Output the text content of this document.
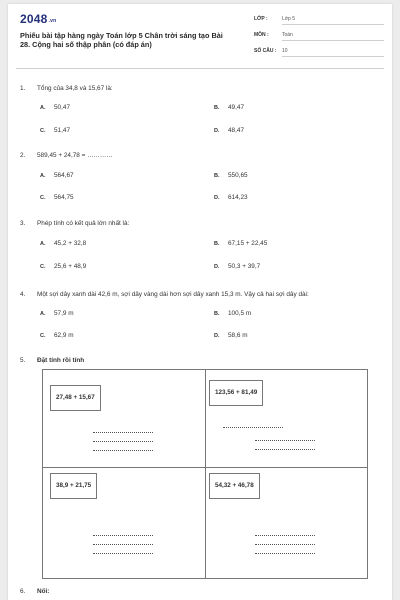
$2048_{.vn}$
Phiếu bài tập hàng ngày Toán lớp 5 Chân trời sáng tạo Bài 28. Cộng hai số thập phân (có đáp án)
LỚP :	Lớp 5
MÔN :	Toán
SỐ CÂU : 10
1. Tổng của 34,8 và 15,67 là:
A. 50,47	B. 49,47
C. 51,47	D. 48,47
2. 589,45 + 24,78 = …………
A. 564,67	B. 550,65
C. 564,75	D. 614,23
3. Phép tính có kết quả lớn nhất là:
A. 45,2 + 32,8	B. 67,15 + 22,45
C. 25,6 + 48,9	D. 50,3 + 39,7
4. Một sợi dây xanh dài 42,6 m, sợi dây vàng dài hơn sợi dây xanh 15,3 m. Vậy cả hai sợi dây dài:
A. 57,9 m	B. 100,5 m
C. 62,9 m	D. 58,6 m
5. Đặt tính rồi tính
27,48 + 15,67
123,56 + 81,49
38,9 + 21,75	54,32 + 46,78
6. Nối:
